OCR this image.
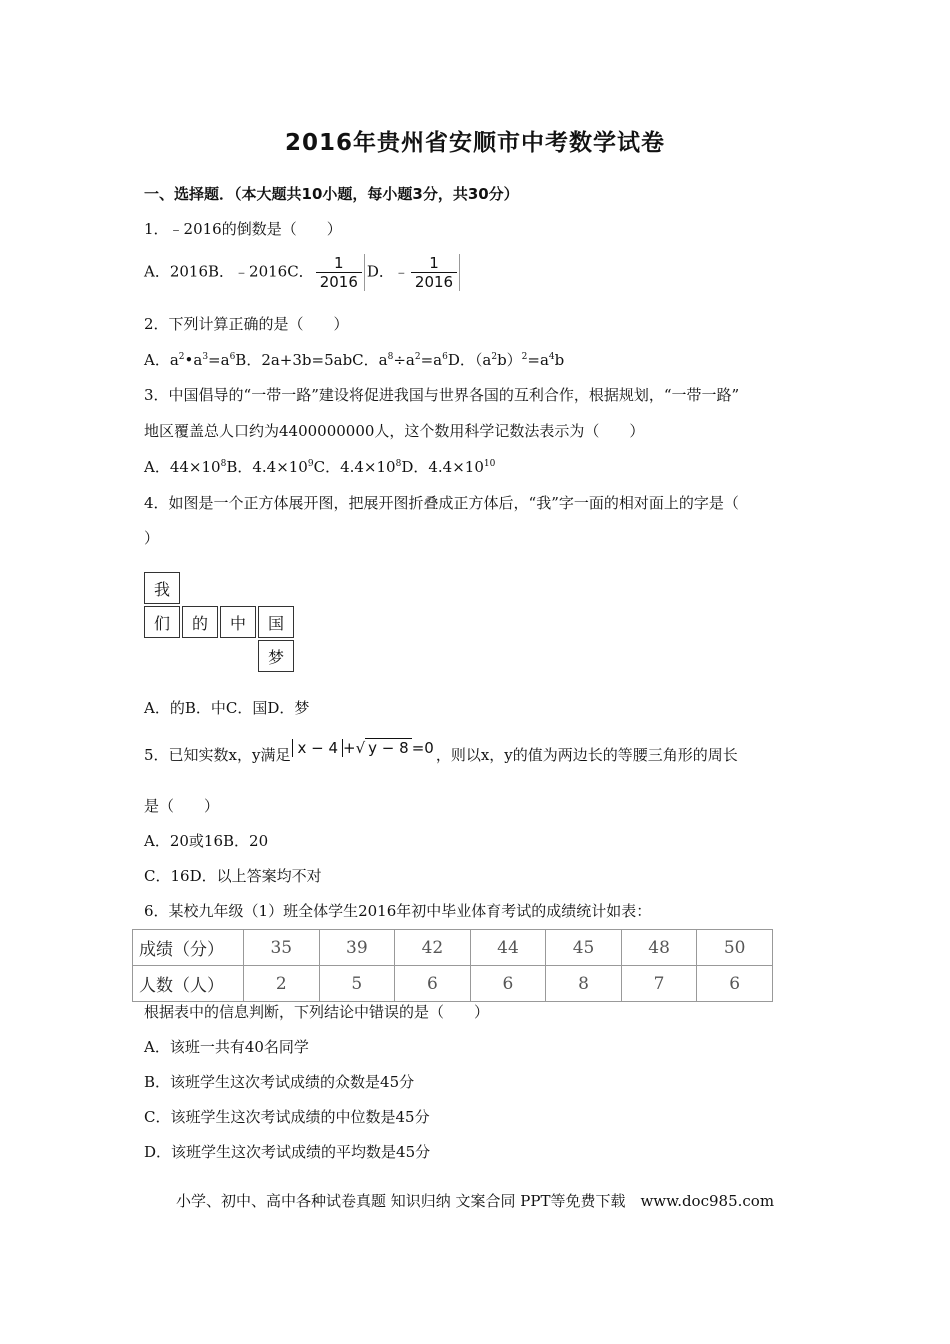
2016年贵州省安顺市中考数学试卷
一、选择题．（本大题共10小题，每小题3分，共30分）
1．﹣2016的倒数是（　　）
A．2016B．﹣2016C． $\frac{1}{2016}$ D．﹣ $\frac{1}{2016}$
2．下列计算正确的是（　　）
A．$a^2•a^3=a^6B$．2a+3b=5abC．$a^8\div a^2=a^6D$．$(a^2b)^2=a^4b$
3．中国倡导的“一带一路”建设将促进我国与世界各国的互利合作，根据规划，“一带一路”
地区覆盖总人口约为4400000000人，这个数用科学记数法表示为（　　）
A．$44\times 10^8B$．$4.4\times 10^9C$．$4.4\times 10^8D$．$4.4\times 10^{10}$
4．如图是一个正方体展开图，把展开图折叠成正方体后，“我”字一面的相对面上的字是（
）
我
们	的	中	国
梦
A．的B．中C．国D．梦
5．已知实数x，y满足 x − 4 +√ y − 8 =0 ，则以x，y的值为两边长的等腰三角形的周长
是（　　）
A．20或16B．20
C．16D．以上答案均不对
6．某校九年级（1）班全体学生2016年初中毕业体育考试的成绩统计如表：
成绩（分）	35	39	42	44	45	48	50
人数（人）	2	5	6	6	8	7	6
根据表中的信息判断，下列结论中错误的是（　　）
A．该班一共有40名同学
B．该班学生这次考试成绩的众数是45分
C．该班学生这次考试成绩的中位数是45分
D．该班学生这次考试成绩的平均数是45分
小学、初中、高中各种试卷真题 知识归纳 文案合同 PPT等免费下载　www.doc985.com
